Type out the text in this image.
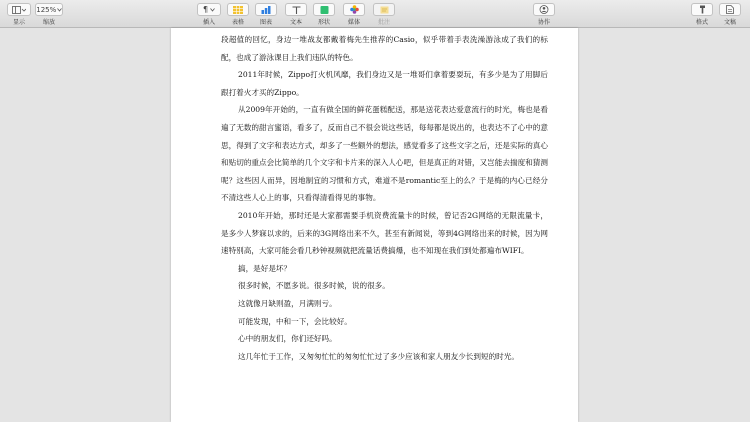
显示
125%
缩放
¶
插入	表格	图表	文本	形状	媒体	批注	协作	格式	文稿

段超值的回忆，身边一堆战友都戴着梅先生推荐的Casio，似乎带着手表洗澡游泳成了我们的标配，也成了游泳课目上我们违队的特色。

2011年时候，Zippo打火机风靡，我们身边又是一堆哥们拿着要耍玩，有多少是为了用脚后跟打着火才买的Zippo。

从2009年开始的，一直有做全国的鲜花蛋糕配送，那是送花表达爱意流行的时光，梅也是看遍了无数的甜言蜜语，看多了，反而自己不很会说这些话，每每都是说出的，也表达不了心中的意思，得到了文字和表达方式，却多了一些额外的想法，感觉看多了这些文字之后，还是实际的真心和贴切的重点会比简单的几个文字和卡片来的深入人心吧，但是真正的对错，又岂能去揣度和猜测呢？这些因人而异，因地制宜的习惯和方式，难道不是romantic至上的么？于是梅的内心已经分不清这些人心上的事，只看得清看得见的事物。

2010年开始，那时还是大家都需要手机资费流量卡的时候，曾记否2G网络的无限流量卡，是多少人梦寐以求的，后来的3G网络出来不久，甚至有新闻说，等到4G网络出来的时候，因为网速特别高，大家可能会看几秒钟视频就把流量话费搞爆，也不知现在我们到处都遍布WIFI。

搞，是好是坏？

很多时候，不愿多说。很多时候，说的很多。

这就像月缺则盈，月满则亏。

可能发现，中和一下，会比较好。

心中的朋友们，你们还好吗。

这几年忙于工作，又匆匆忙忙的匆匆忙忙过了多少应该和家人朋友少长到短的时光。
